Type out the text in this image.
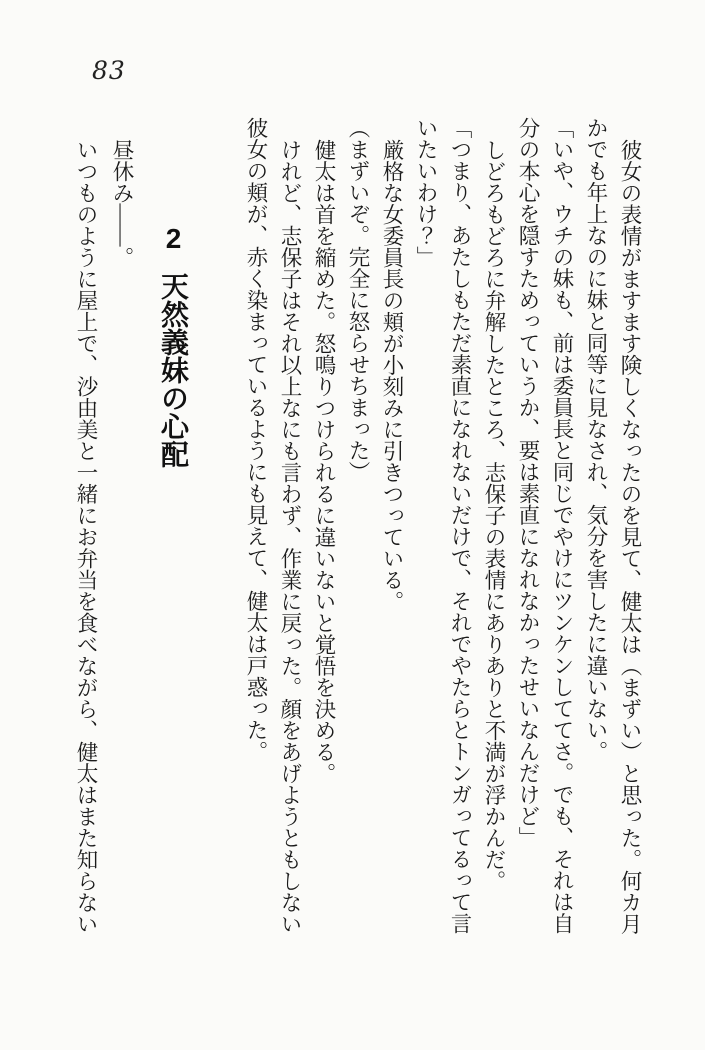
83

彼女の表情がますます険しくなったのを見て、健太は（まずい）と思った。何カ月かでも年上なのに妹と同等に見なされ、気分を害したに違いない。

「いや、ウチの妹も、前は委員長と同じでやけにツンケンしててさ。でも、それは自分の本心を隠すためっていうか、要は素直になれなかったせいなんだけど」

しどろもどろに弁解したところ、志保子の表情にありありと不満が浮かんだ。

「つまり、あたしもただ素直になれないだけで、それでやたらとトンガってるって言いたいわけ？」

厳格な女委員長の頬が小刻みに引きつっている。

（まずいぞ。完全に怒らせちまった）

健太は首を縮めた。怒鳴りつけられるに違いないと覚悟を決める。

けれど、志保子はそれ以上なにも言わず、作業に戻った。顔をあげようともしない彼女の頬が、赤く染まっているようにも見えて、健太は戸惑った。

2 天然義妹の心配

昼休み――。

いつものように屋上で、沙由美と一緒にお弁当を食べながら、健太はまた知らない
